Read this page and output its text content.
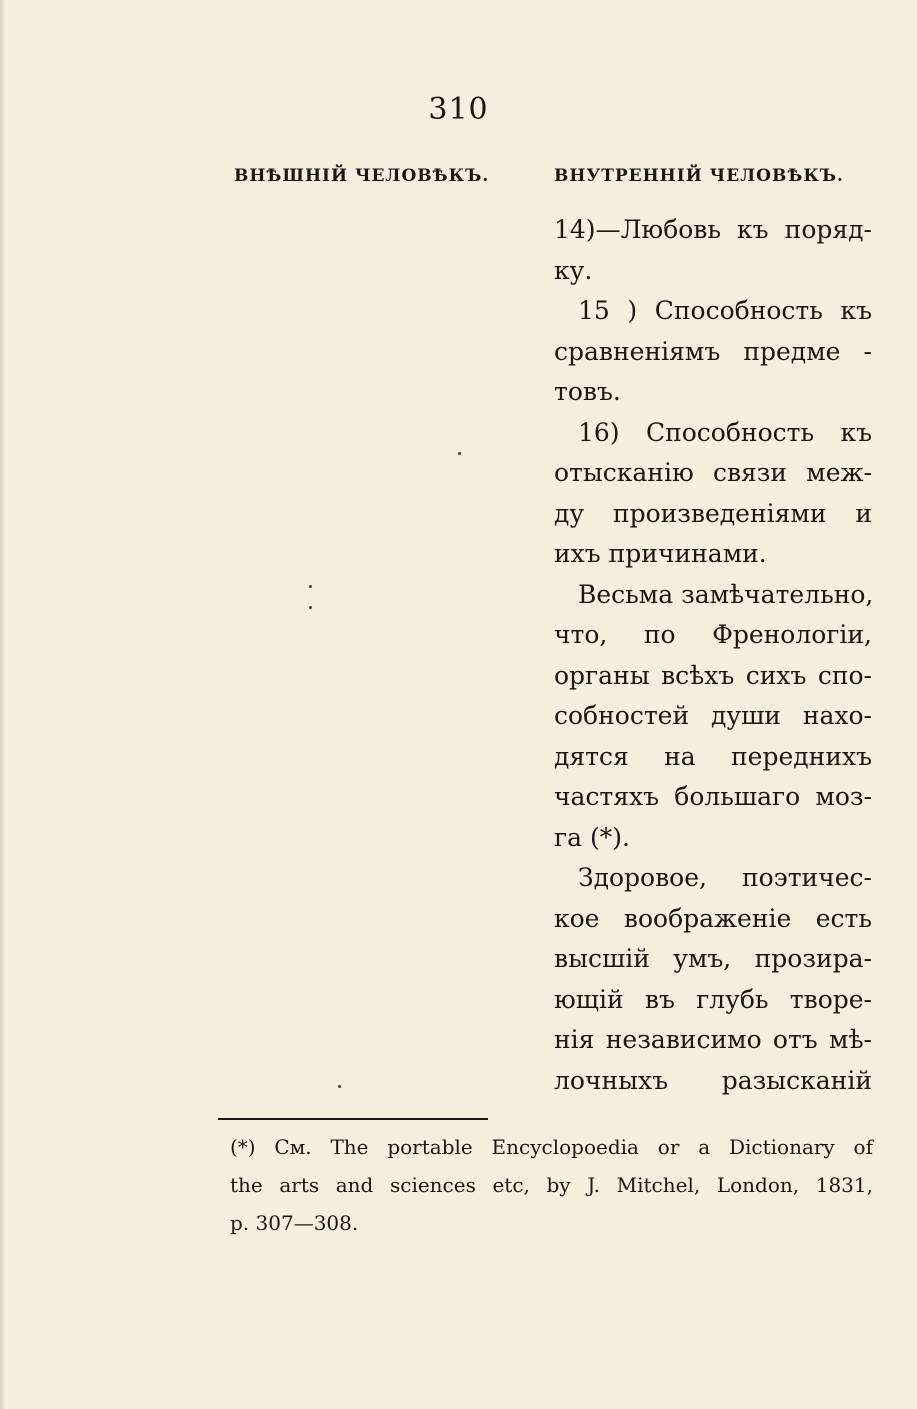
310
ВНѢШНІЙ ЧЕЛОВѢКЪ.	ВНУТРЕННІЙ ЧЕЛОВѢКЪ.
14)—Любовь къ поряд-
ку.
15 ) Способность къ
сравненіямъ предме -
товъ.
16) Способность къ
отысканію связи меж-
ду произведеніями и
ихъ причинами.
Весьма замѣчательно,
что, по Френологіи,
органы всѣхъ сихъ спо-
собностей души нахо-
дятся на переднихъ
частяхъ большаго моз-
га (*).
Здоровое, поэтичес-
кое воображеніе есть
высшій умъ, прозира-
ющій въ глубь творе-
нія независимо отъ мѣ-
лочныхъ разысканій
(*) См. The portable Encyclopoedia or a Dictionary of
the arts and sciences etc, by J. Mitchel, London, 1831,
p. 307—308.
